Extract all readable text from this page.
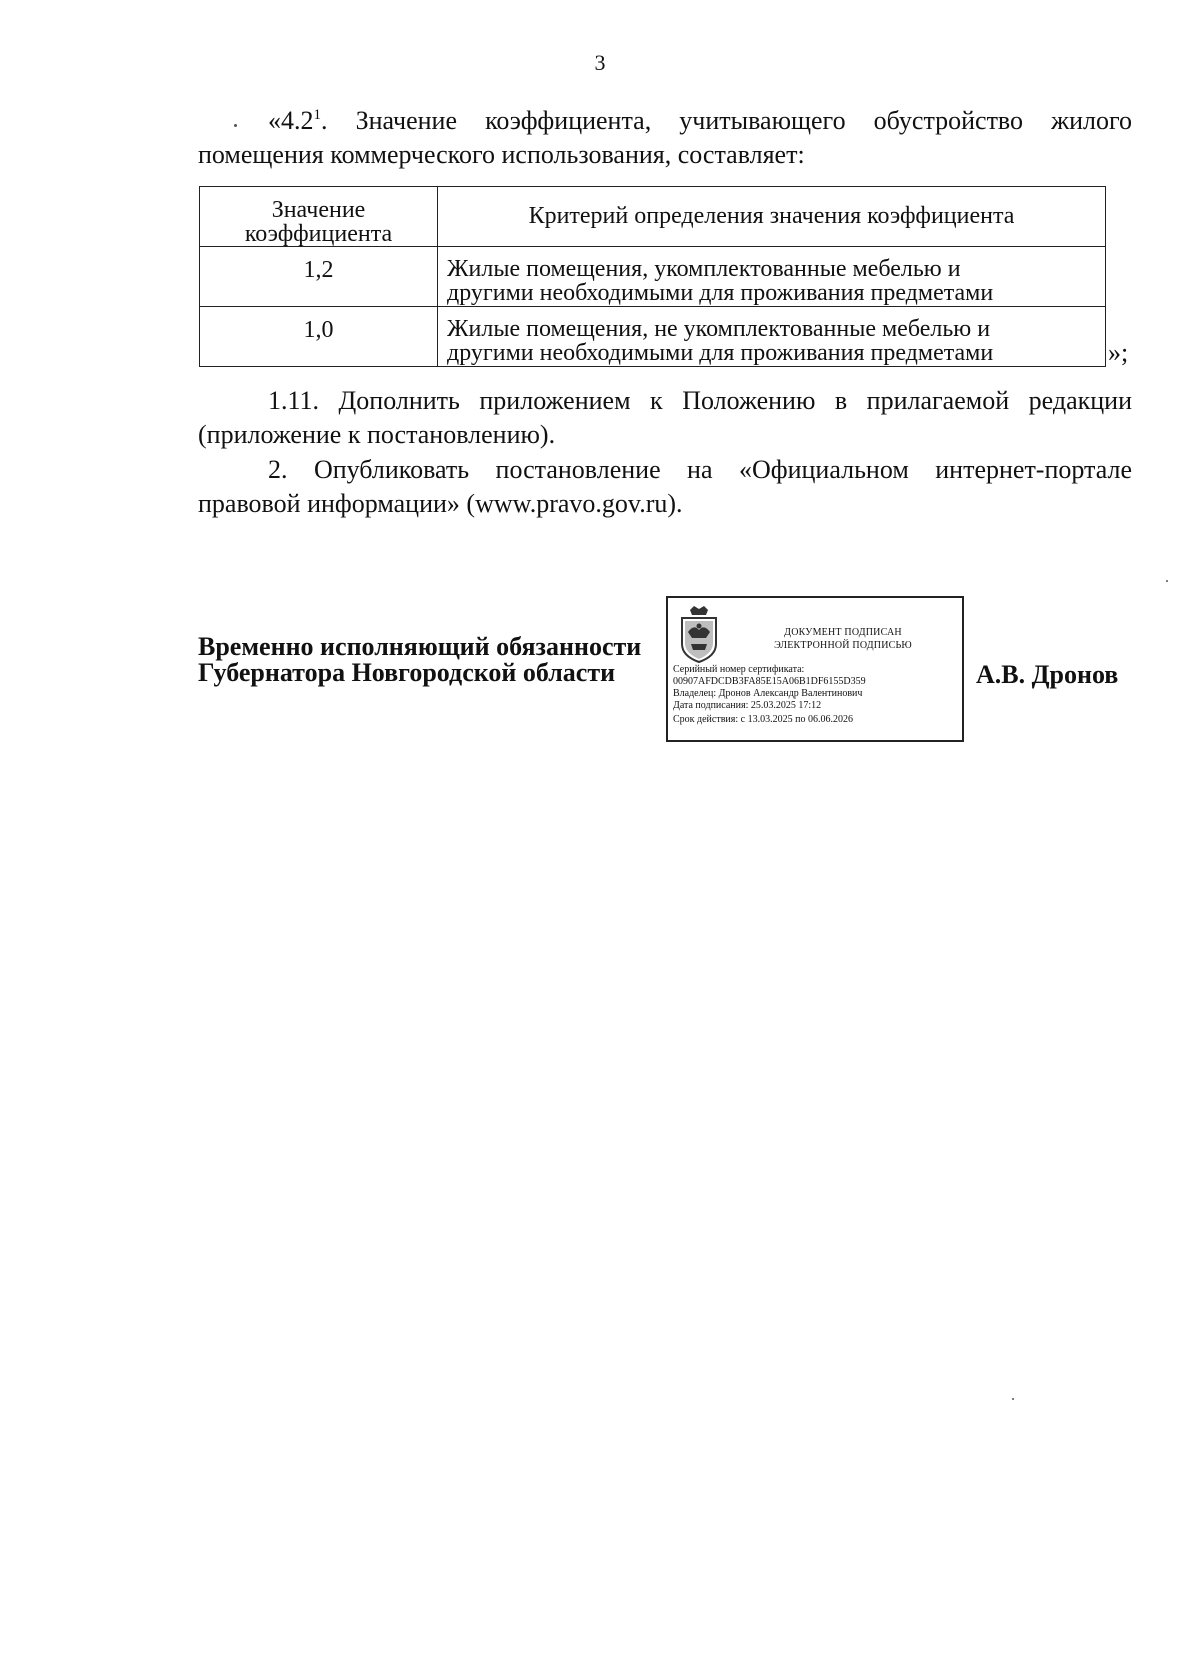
3

«$4.2^1$. Значение коэффициента, учитывающего обустройство жилого помещения коммерческого использования, составляет:

Значение
коэффициента	Критерий определения значения коэффициента
1,2	Жилые помещения, укомплектованные мебелью и
другими необходимыми для проживания предметами

1,0	Жилые помещения, не укомплектованные мебелью и
другими необходимыми для проживания предметами	»;

1.11. Дополнить приложением к Положению в прилагаемой редакции (приложение к постановлению).

2. Опубликовать постановление на «Официальном интернет-портале правовой информации» (www.pravo.gov.ru).

Временно исполняющий обязанности
Губернатора Новгородской области
ДОКУМЕНТ ПОДПИСАН
ЭЛЕКТРОННОЙ ПОДПИСЬЮ
Серийный номер сертификата:
00907AFDCDB3FA85E15A06B1DF6155D359
Владелец: Дронов Александр Валентинович
Дата подписания: 25.03.2025 17:12
Срок действия: с 13.03.2025 по 06.06.2026
А.В. Дронов
